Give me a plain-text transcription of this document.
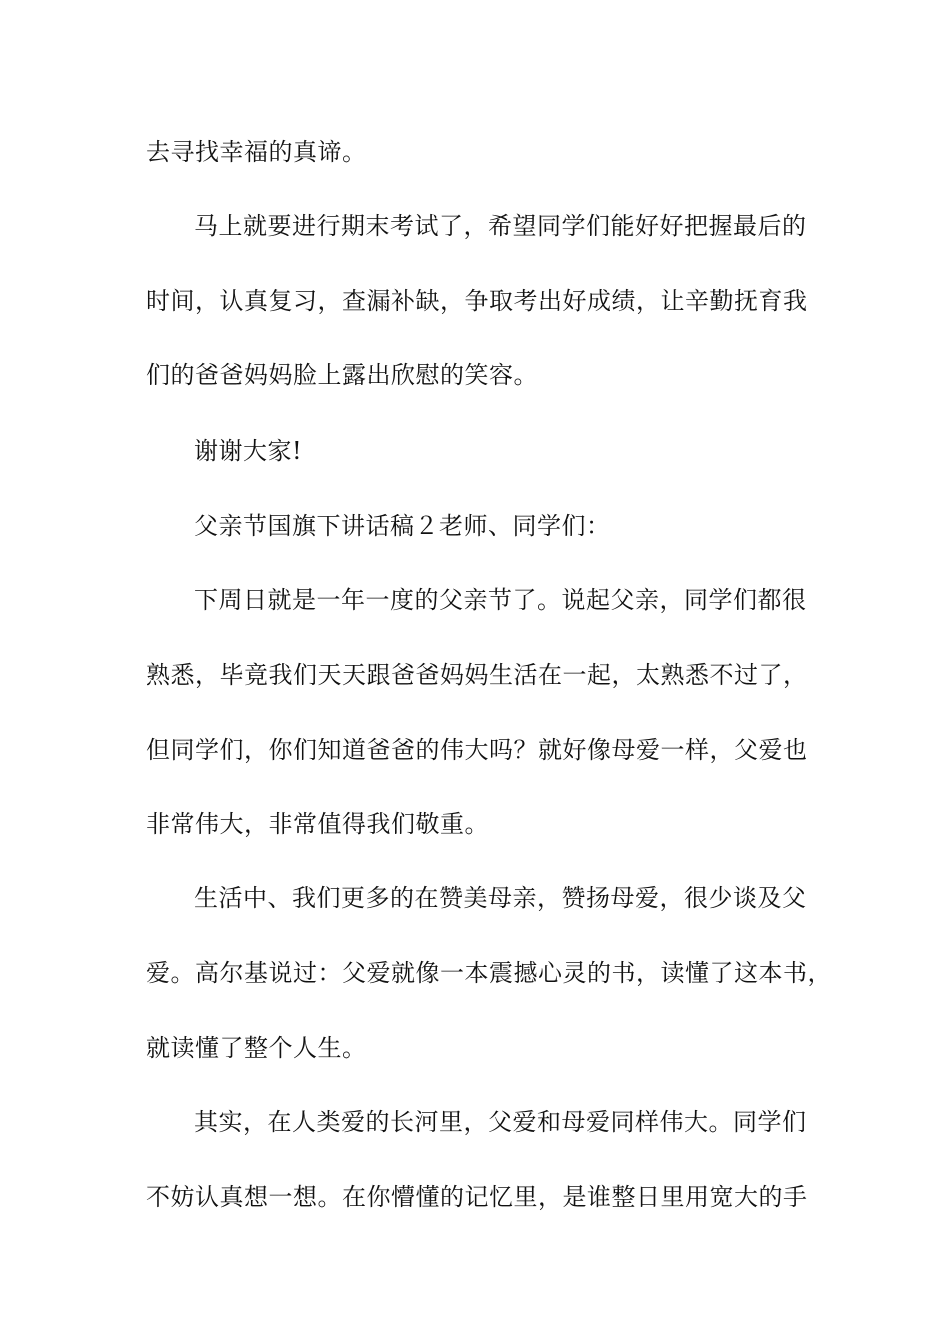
去寻找幸福的真谛。
马上就要进行期末考试了，希望同学们能好好把握最后的
时间，认真复习，查漏补缺，争取考出好成绩，让辛勤抚育我
们的爸爸妈妈脸上露出欣慰的笑容。
谢谢大家!
父亲节国旗下讲话稿２老师、同学们：
下周日就是一年一度的父亲节了。说起父亲，同学们都很
熟悉，毕竟我们天天跟爸爸妈妈生活在一起，太熟悉不过了，
但同学们，你们知道爸爸的伟大吗？就好像母爱一样，父爱也
非常伟大，非常值得我们敬重。
生活中、我们更多的在赞美母亲，赞扬母爱，很少谈及父
爱。高尔基说过：父爱就像一本震撼心灵的书，读懂了这本书，
就读懂了整个人生。
其实，在人类爱的长河里，父爱和母爱同样伟大。同学们
不妨认真想一想。在你懵懂的记忆里，是谁整日里用宽大的手
